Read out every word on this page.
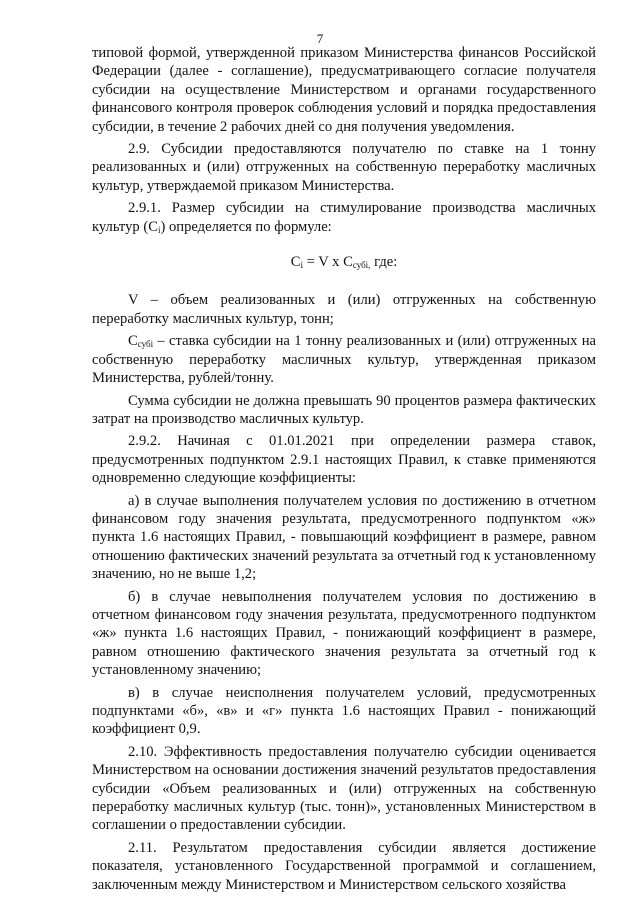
7

типовой формой, утвержденной приказом Министерства финансов Российской Федерации (далее - соглашение), предусматривающего согласие получателя субсидии на осуществление Министерством и органами государственного финансового контроля проверок соблюдения условий и порядка предоставления субсидии, в течение 2 рабочих дней со дня получения уведомления.

2.9. Субсидии предоставляются получателю по ставке на 1 тонну реализованных и (или) отгруженных на собственную переработку масличных культур, утверждаемой приказом Министерства.

2.9.1. Размер субсидии на стимулирование производства масличных культур $(С_i)$ определяется по формуле:

$С_i = V$ х $С_{субi,}$ где:

V – объем реализованных и (или) отгруженных на собственную переработку масличных культур, тонн;

$С_{субi}$ – ставка субсидии на 1 тонну реализованных и (или) отгруженных на собственную переработку масличных культур, утвержденная приказом Министерства, рублей/тонну.

Сумма субсидии не должна превышать 90 процентов размера фактических затрат на производство масличных культур.

2.9.2. Начиная с 01.01.2021 при определении размера ставок, предусмотренных подпунктом 2.9.1 настоящих Правил, к ставке применяются одновременно следующие коэффициенты:

а) в случае выполнения получателем условия по достижению в отчетном финансовом году значения результата, предусмотренного подпунктом «ж» пункта 1.6 настоящих Правил, - повышающий коэффициент в размере, равном отношению фактических значений результата за отчетный год к установленному значению, но не выше 1,2;

б) в случае невыполнения получателем условия по достижению в отчетном финансовом году значения результата, предусмотренного подпунктом «ж» пункта 1.6 настоящих Правил, - понижающий коэффициент в размере, равном отношению фактического значения результата за отчетный год к установленному значению;

в) в случае неисполнения получателем условий, предусмотренных подпунктами «б», «в» и «г» пункта 1.6 настоящих Правил - понижающий коэффициент 0,9.

2.10. Эффективность предоставления получателю субсидии оценивается Министерством на основании достижения значений результатов предоставления субсидии «Объем реализованных и (или) отгруженных на собственную переработку масличных культур (тыс. тонн)», установленных Министерством в соглашении о предоставлении субсидии.

2.11. Результатом предоставления субсидии является достижение показателя, установленного Государственной программой и соглашением, заключенным между Министерством и Министерством сельского хозяйства
